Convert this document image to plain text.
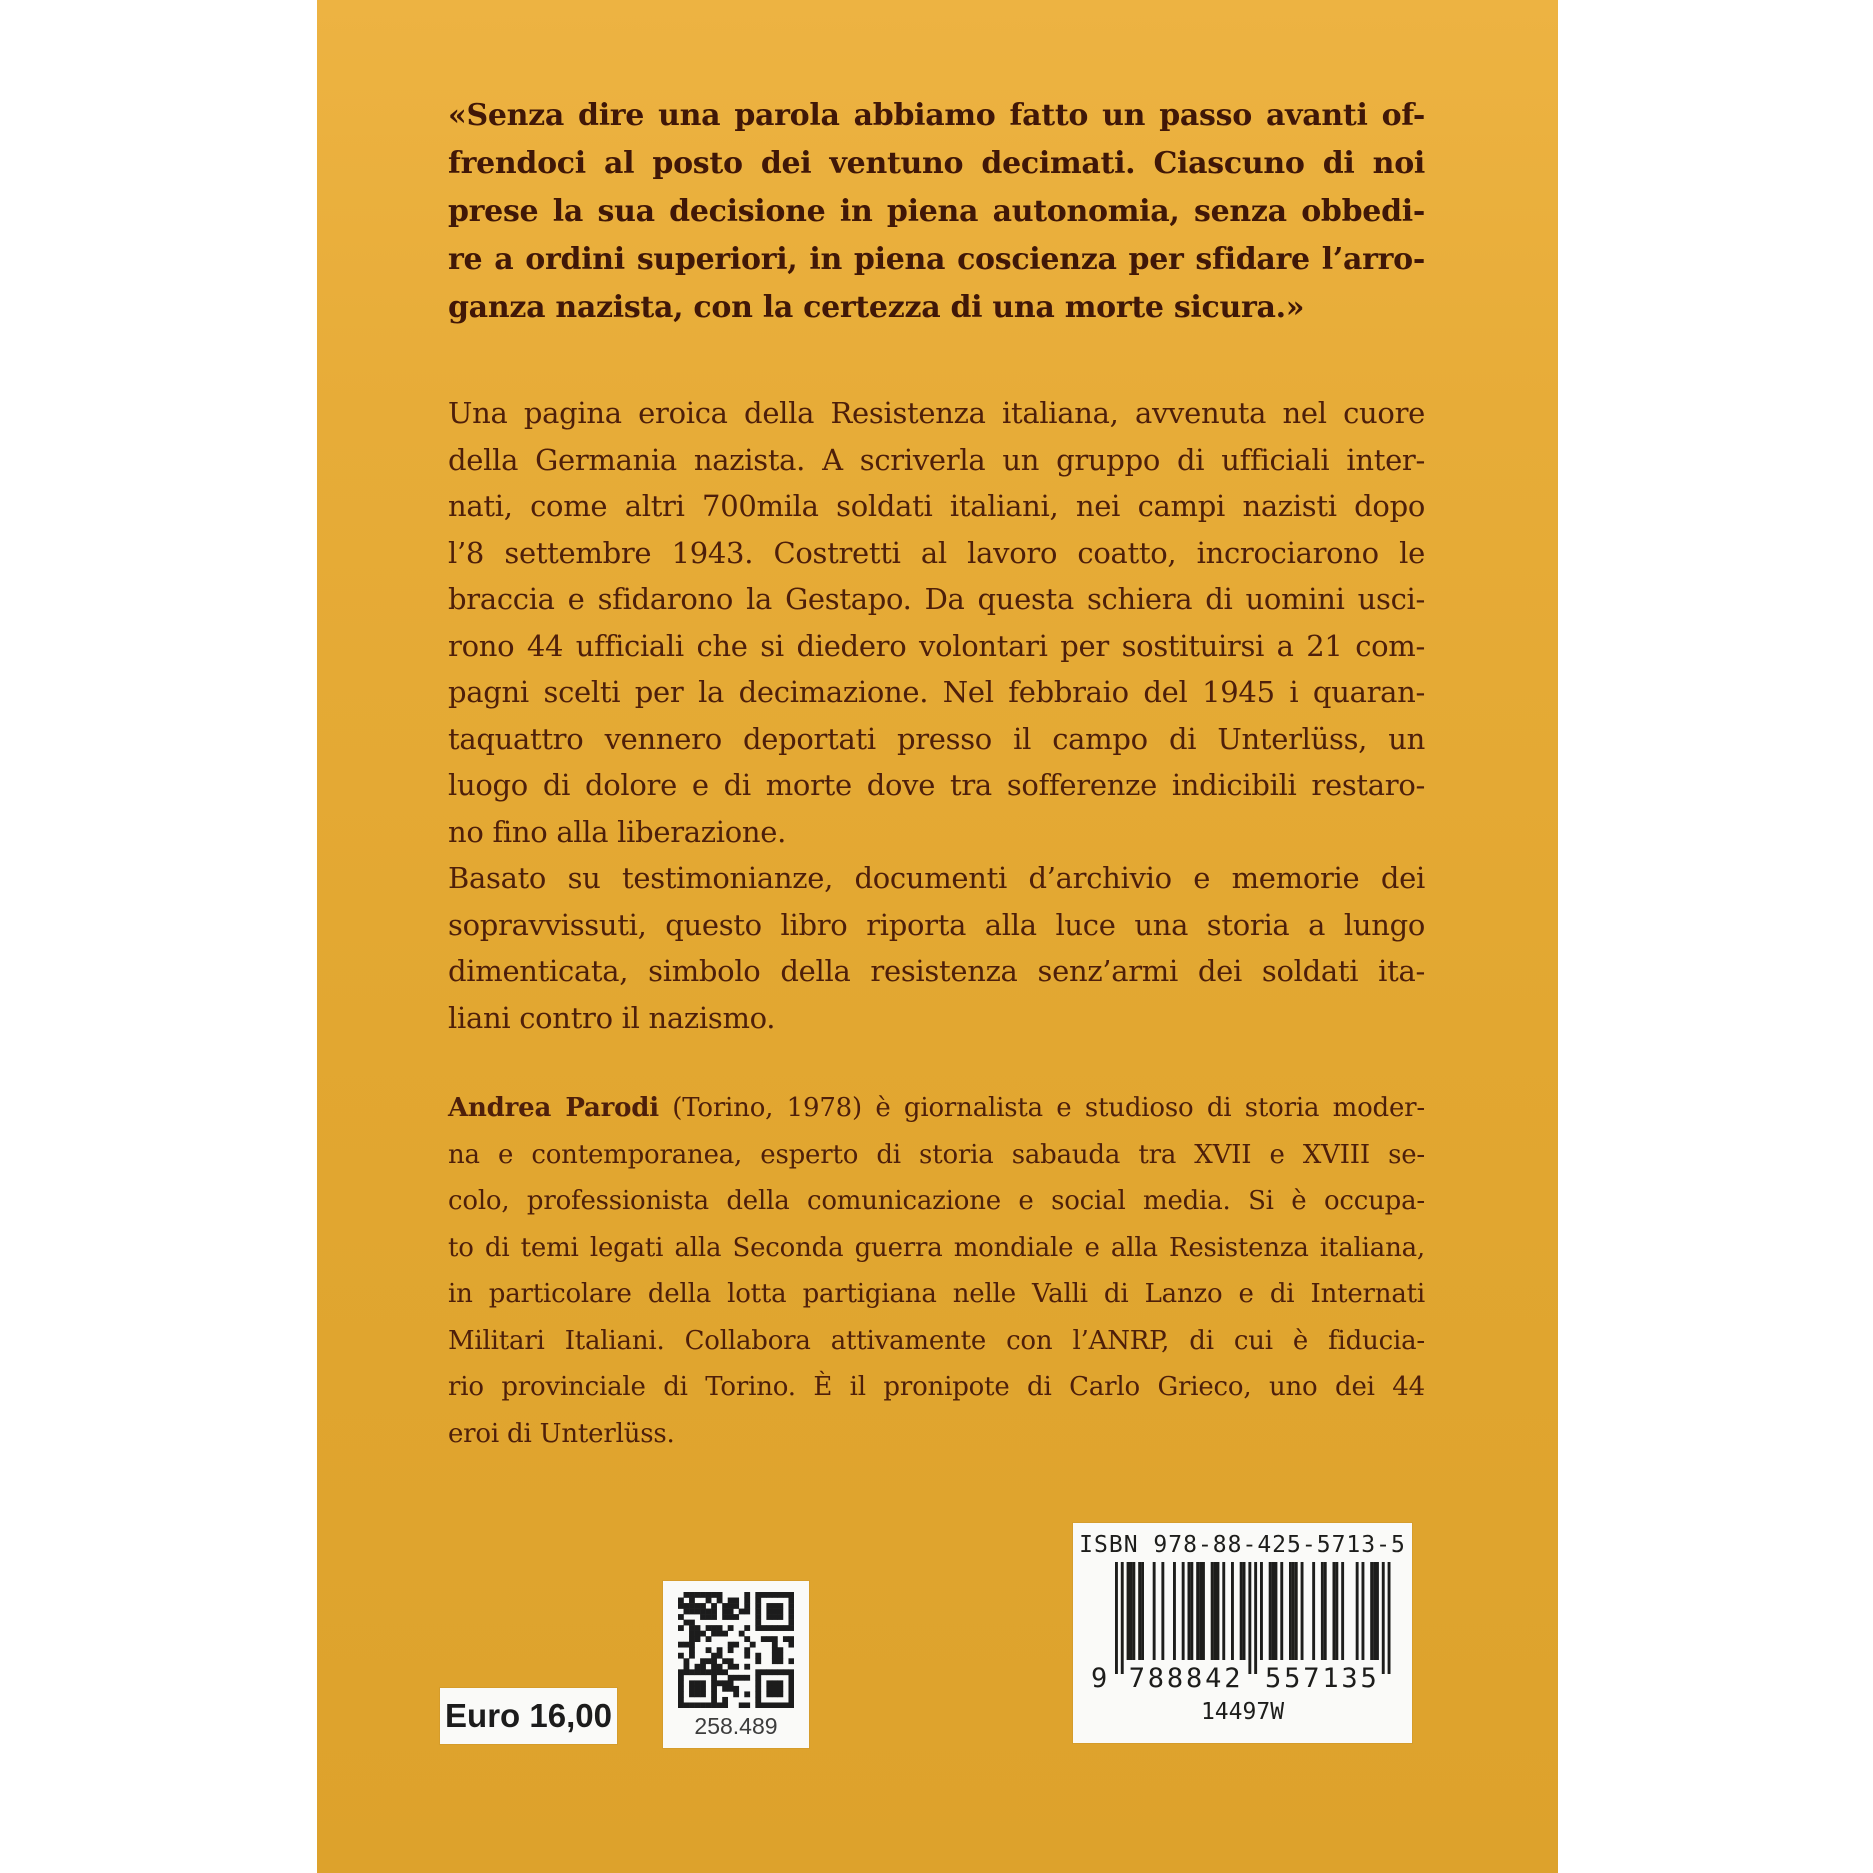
«Senza dire una parola abbiamo fatto un passo avanti of-
frendoci al posto dei ventuno decimati. Ciascuno di noi
prese la sua decisione in piena autonomia, senza obbedi-
re a ordini superiori, in piena coscienza per sfidare l’arro-
ganza nazista, con la certezza di una morte sicura.»
Una pagina eroica della Resistenza italiana, avvenuta nel cuore
della Germania nazista. A scriverla un gruppo di ufficiali inter-
nati, come altri 700mila soldati italiani, nei campi nazisti dopo
l’8 settembre 1943. Costretti al lavoro coatto, incrociarono le
braccia e sfidarono la Gestapo. Da questa schiera di uomini usci-
rono 44 ufficiali che si diedero volontari per sostituirsi a 21 com-
pagni scelti per la decimazione. Nel febbraio del 1945 i quaran-
taquattro vennero deportati presso il campo di Unterlüss, un
luogo di dolore e di morte dove tra sofferenze indicibili restaro-
no fino alla liberazione.
Basato su testimonianze, documenti d’archivio e memorie dei
sopravvissuti, questo libro riporta alla luce una storia a lungo
dimenticata, simbolo della resistenza senz’armi dei soldati ita-
liani contro il nazismo.
Andrea Parodi (Torino, 1978) è giornalista e studioso di storia moder-
na e contemporanea, esperto di storia sabauda tra XVII e XVIII se-
colo, professionista della comunicazione e social media. Si è occupa-
to di temi legati alla Seconda guerra mondiale e alla Resistenza italiana,
in particolare della lotta partigiana nelle Valli di Lanzo e di Internati
Militari Italiani. Collabora attivamente con l’ANRP, di cui è fiducia-
rio provinciale di Torino. È il pronipote di Carlo Grieco, uno dei 44
eroi di Unterlüss.
Euro 16,00	258.489
ISBN 978-88-425-5713-5
9 788842 557135
14497W
